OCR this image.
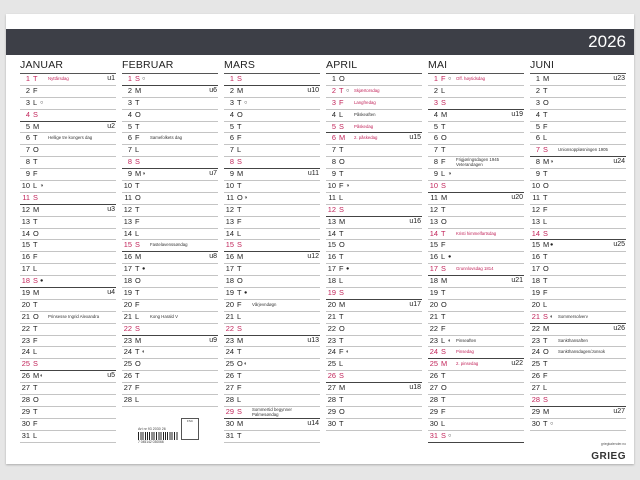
2026
JANUAR
1 T Nyttårsdag	u1
2 F
3 L ○
4 S
5 M	u2
6 T Hellige tre kongers dag
7 O
8 T
9 F
10 L ◑
11 S
12 M	u3
13 T
14 O
15 T
16 F
17 L
18 S ●
19 M	u4
20 T
21 O Prinsesse Ingrid Alexandra
22 T
23 F
24 L
25 S
26 M ◐	u5
27 T
28 O
29 T
30 F
31 L
FEBRUAR
1 S ○
2 M	u6
3 T
4 O
5 T
6 F Samefolkets dag
7 L
8 S
9 M ◑	u7
10 T
11 O
12 T
13 F
14 L
15 S Fastelavenssøndag
16 M	u8
17 T ●
18 O
19 T
20 F
21 L	Kong Harald V
22 S
23 M	u9
24 T ◐
25 O
26 T
27 F
28 L
MARS
1 S
2 M	u10
3 T ○
4 O
5 T
6 F
7 L
8 S
9 M	u11
10 T
11 O ◑
12 T
13 F
14 L
15 S
16 M	u12
17 T
18 O
19 T ●
20 F Vårjevndøgn
21 L
22 S
23 M	u13
24 T
25 O ◐
26 T
27 F
28 L
29 S Sommertid begynner
Palmesøndag
30 M	u14
31 T
APRIL
1 O
2 T ○ Skjærtorsdag
3 F Langfredag
4 L	Påskeaften
5 S Påskedag
6 M 2. påskedag	u15
7 T
8 O
9 T
10 F ◑
11 L
12 S
13 M	u16
14 T
15 O
16 T
17 F ●
18 L
19 S
20 M	u17
21 T
22 O
23 T
24 F ◐
25 L
26 S
27 M	u18
28 T
29 O
30 T
MAI
1 F ○ Off. høytidsdag
2 L
3 S
4 M	u19
5 T
6 O
7 T
8 F Frigjøringsdagen 1945
Veterandagen
9 L ◑
10 S
11 M	u20
12 T
13 O
14 T Kristi himmelfartsdag
15 F
16 L ●
17 S Grunnlovsdag 1814
18 M	u21
19 T
20 O
21 T
22 F
23 L ◐ Pinseaften
24 S Pinsedag
25 M 2. pinsedag	u22
26 T
27 O
28 T
29 F
30 L
31 S ○
JUNI
1 M	u23
2 T
3 O
4 T
5 F
6 L
7 S Unionsoppløsningen 1905
8 M ◑	u24
9 T
10 O
11 T
12 F
13 L
14 S
15 M ●	u25
16 T
17 O
18 T
19 F
20 L
21 S ◐ Sommersolverv
22 M	u26
23 T Sankthansaften
24 O Sankthansdagen/Jonsok
25 T
26 F
27 L
28 S
29 M	u27
30 T ○
Art nr 93 2030 26
7 045142 030066
FSC
griegkalender.no
GRIEG
